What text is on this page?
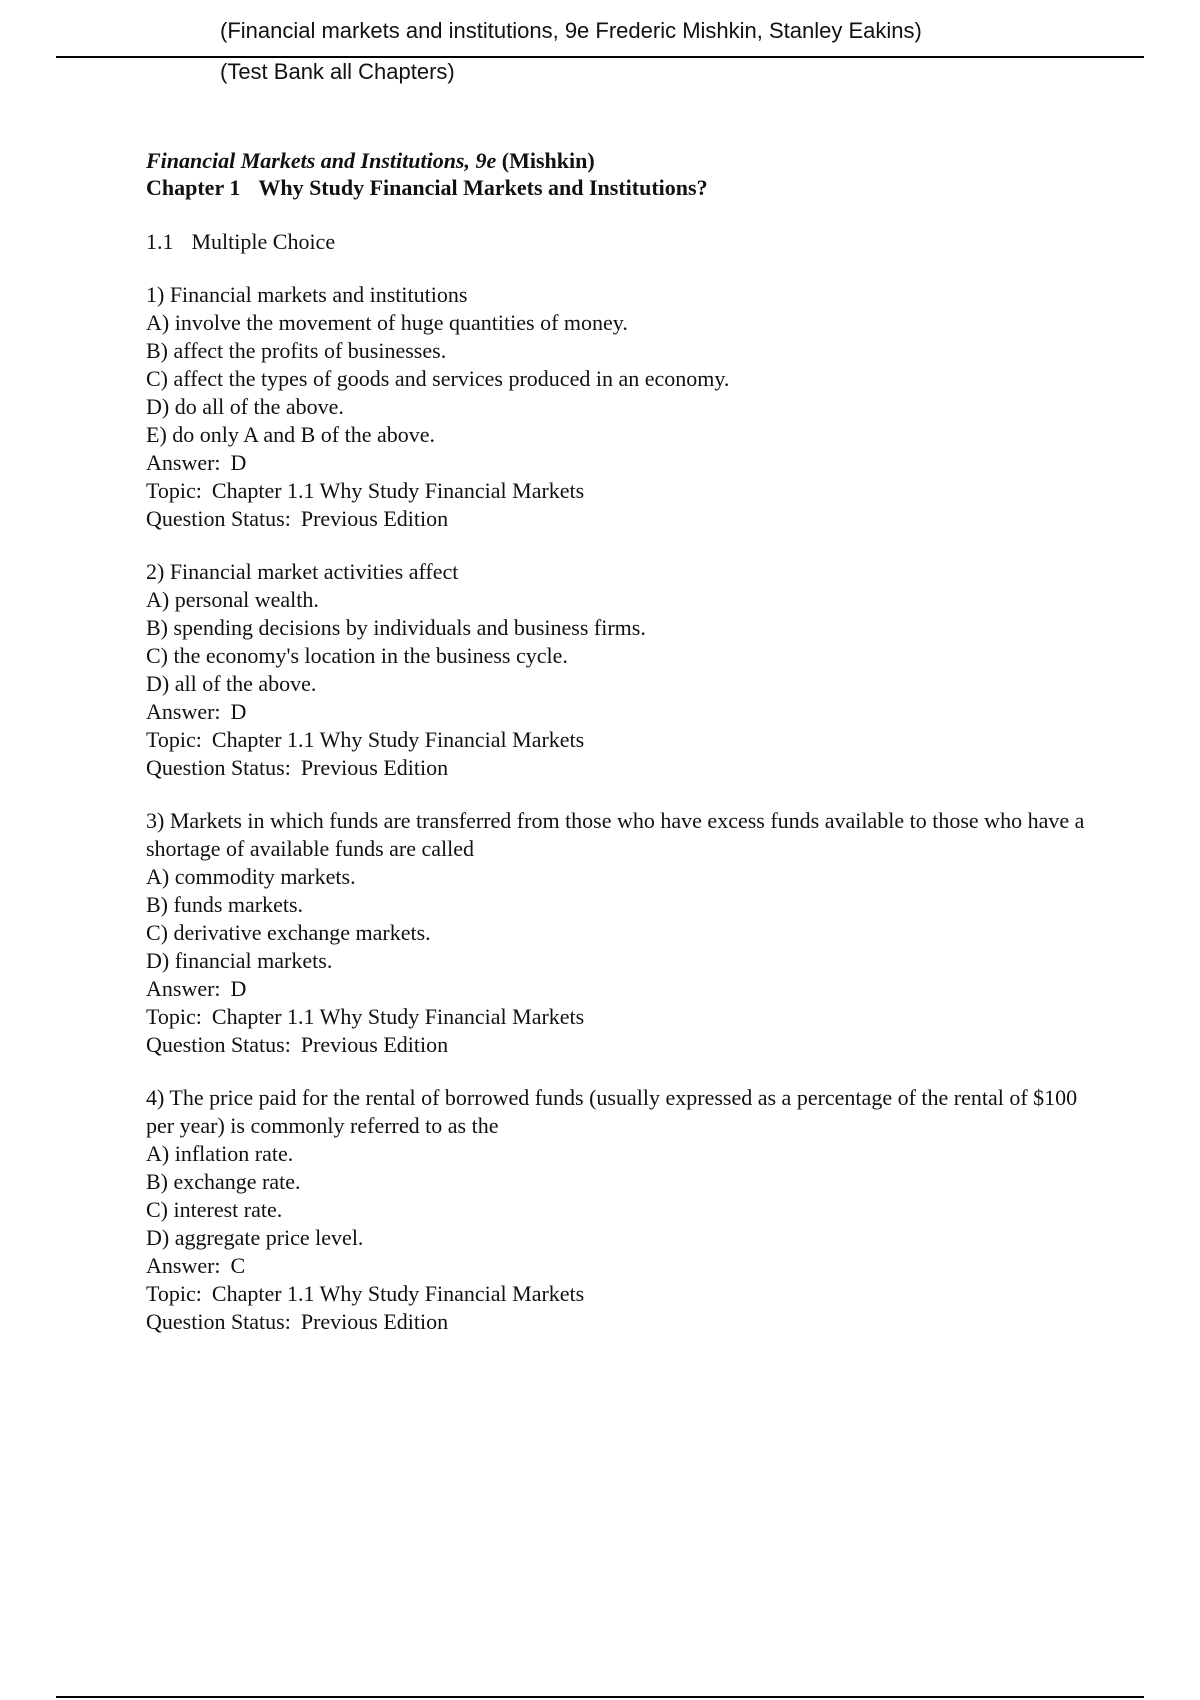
(Financial markets and institutions, 9e Frederic Mishkin, Stanley Eakins)
(Test Bank all Chapters)
Financial Markets and Institutions, 9e (Mishkin)
Chapter 1 Why Study Financial Markets and Institutions?
1.1 Multiple Choice
1) Financial markets and institutions
A) involve the movement of huge quantities of money.
B) affect the profits of businesses.
C) affect the types of goods and services produced in an economy.
D) do all of the above.
E) do only A and B of the above.
Answer: D
Topic: Chapter 1.1 Why Study Financial Markets
Question Status: Previous Edition
2) Financial market activities affect
A) personal wealth.
B) spending decisions by individuals and business firms.
C) the economy's location in the business cycle.
D) all of the above.
Answer: D
Topic: Chapter 1.1 Why Study Financial Markets
Question Status: Previous Edition
3) Markets in which funds are transferred from those who have excess funds available to those who have a shortage of available funds are called
A) commodity markets.
B) funds markets.
C) derivative exchange markets.
D) financial markets.
Answer: D
Topic: Chapter 1.1 Why Study Financial Markets
Question Status: Previous Edition
4) The price paid for the rental of borrowed funds (usually expressed as a percentage of the rental of $100 per year) is commonly referred to as the
A) inflation rate.
B) exchange rate.
C) interest rate.
D) aggregate price level.
Answer: C
Topic: Chapter 1.1 Why Study Financial Markets
Question Status: Previous Edition
